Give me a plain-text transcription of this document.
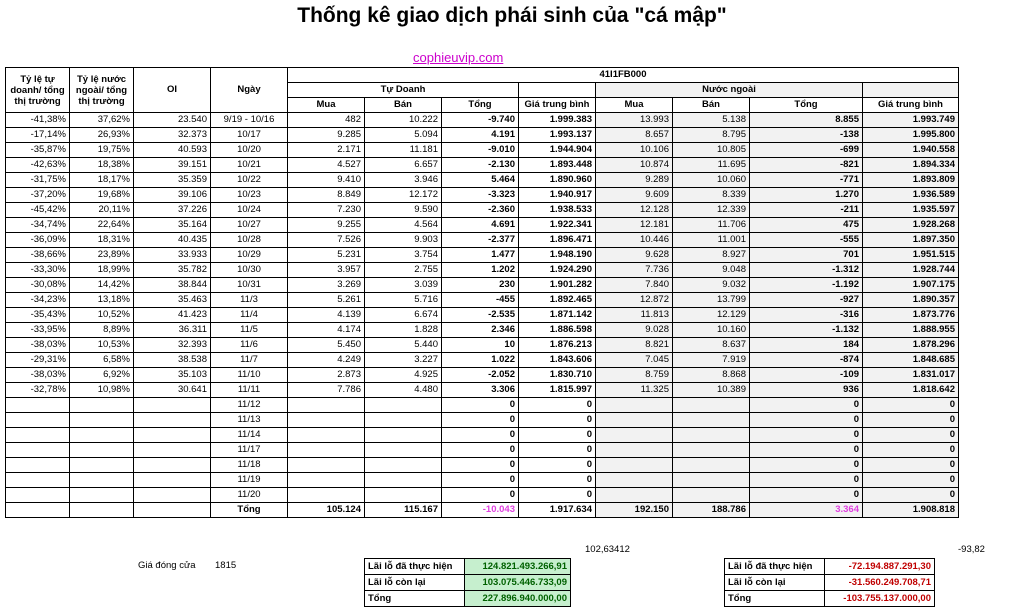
Thống kê giao dịch phái sinh của "cá mập"
cophieuvip.com
Tỷ lệ tự doanh/ tổng thị trường	Tỷ lệ nước ngoài/ tổng thị trường	OI	Ngày	41I1FB000							
				Tự Doanh				Nước ngoài			
				Mua	Bán	Tổng	Giá trung bình	Mua	Bán	Tổng	Giá trung bình
-41,38%	37,62%	23.540	9/19 - 10/16	482	10.222	-9.740	1.999.383	13.993	5.138	8.855	1.993.749
-17,14%	26,93%	32.373	10/17	9.285	5.094	4.191	1.993.137	8.657	8.795	-138	1.995.800
-35,87%	19,75%	40.593	10/20	2.171	11.181	-9.010	1.944.904	10.106	10.805	-699	1.940.558
-42,63%	18,38%	39.151	10/21	4.527	6.657	-2.130	1.893.448	10.874	11.695	-821	1.894.334
-31,75%	18,17%	35.359	10/22	9.410	3.946	5.464	1.890.960	9.289	10.060	-771	1.893.809
-37,20%	19,68%	39.106	10/23	8.849	12.172	-3.323	1.940.917	9.609	8.339	1.270	1.936.589
-45,42%	20,11%	37.226	10/24	7.230	9.590	-2.360	1.938.533	12.128	12.339	-211	1.935.597
-34,74%	22,64%	35.164	10/27	9.255	4.564	4.691	1.922.341	12.181	11.706	475	1.928.268
-36,09%	18,31%	40.435	10/28	7.526	9.903	-2.377	1.896.471	10.446	11.001	-555	1.897.350
-38,66%	23,89%	33.933	10/29	5.231	3.754	1.477	1.948.190	9.628	8.927	701	1.951.515
-33,30%	18,99%	35.782	10/30	3.957	2.755	1.202	1.924.290	7.736	9.048	-1.312	1.928.744
-30,08%	14,42%	38.844	10/31	3.269	3.039	230	1.901.282	7.840	9.032	-1.192	1.907.175
-34,23%	13,18%	35.463	11/3	5.261	5.716	-455	1.892.465	12.872	13.799	-927	1.890.357
-35,43%	10,52%	41.423	11/4	4.139	6.674	-2.535	1.871.142	11.813	12.129	-316	1.873.776
-33,95%	8,89%	36.311	11/5	4.174	1.828	2.346	1.886.598	9.028	10.160	-1.132	1.888.955
-38,03%	10,53%	32.393	11/6	5.450	5.440	10	1.876.213	8.821	8.637	184	1.878.296
-29,31%	6,58%	38.538	11/7	4.249	3.227	1.022	1.843.606	7.045	7.919	-874	1.848.685
-38,03%	6,92%	35.103	11/10	2.873	4.925	-2.052	1.830.710	8.759	8.868	-109	1.831.017
-32,78%	10,98%	30.641	11/11	7.786	4.480	3.306	1.815.997	11.325	10.389	936	1.818.642
			11/12			0	0			0	0
			11/13			0	0			0	0
			11/14			0	0			0	0
			11/17			0	0			0	0
			11/18			0	0			0	0
			11/19			0	0			0	0
			11/20			0	0			0	0
			Tổng	105.124	115.167	-10.043	1.917.634	192.150	188.786	3.364	1.908.818
102,63412	-93,82
Giá đóng cửa 1815	Lãi lỗ đã thực hiện	124.821.493.266,91
Lãi lỗ còn lại	103.075.446.733,09
Tổng	227.896.940.000,00
Lãi lỗ đã thực hiện	-72.194.887.291,30
Lãi lỗ còn lại	-31.560.249.708,71
Tổng	-103.755.137.000,00
